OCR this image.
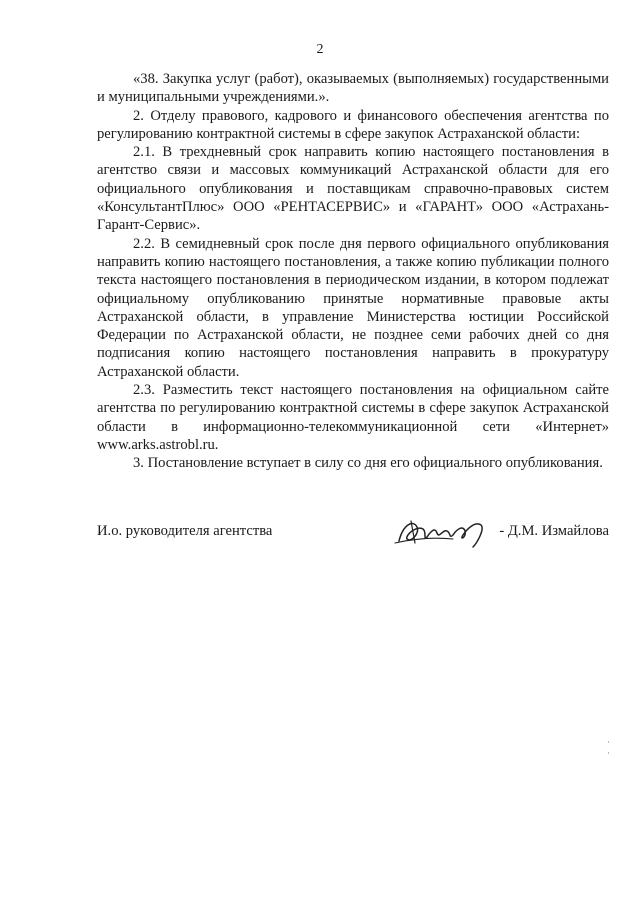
2

«38. Закупка услуг (работ), оказываемых (выполняемых) государственными и муниципальными учреждениями.».

2. Отделу правового, кадрового и финансового обеспечения агентства по регулированию контрактной системы в сфере закупок Астраханской области:

2.1. В трехдневный срок направить копию настоящего постановления в агентство связи и массовых коммуникаций Астраханской области для его официального опубликования и поставщикам справочно-правовых систем «КонсультантПлюс» ООО «РЕНТАСЕРВИС» и «ГАРАНТ» ООО «Астрахань-Гарант-Сервис».

2.2. В семидневный срок после дня первого официального опубликования направить копию настоящего постановления, а также копию публикации полного текста настоящего постановления в периодическом издании, в котором подлежат официальному опубликованию принятые нормативные правовые акты Астраханской области, в управление Министерства юстиции Российской Федерации по Астраханской области, не позднее семи рабочих дней со дня подписания копию настоящего постановления направить в прокуратуру Астраханской области.

2.3. Разместить текст настоящего постановления на официальном сайте агентства по регулированию контрактной системы в сфере закупок Астраханской области в информационно-телекоммуникационной сети «Интернет» www.arks.astrobl.ru.

3. Постановление вступает в силу со дня его официального опубликования.

И.о. руководителя агентства	- Д.М. Измайлова
